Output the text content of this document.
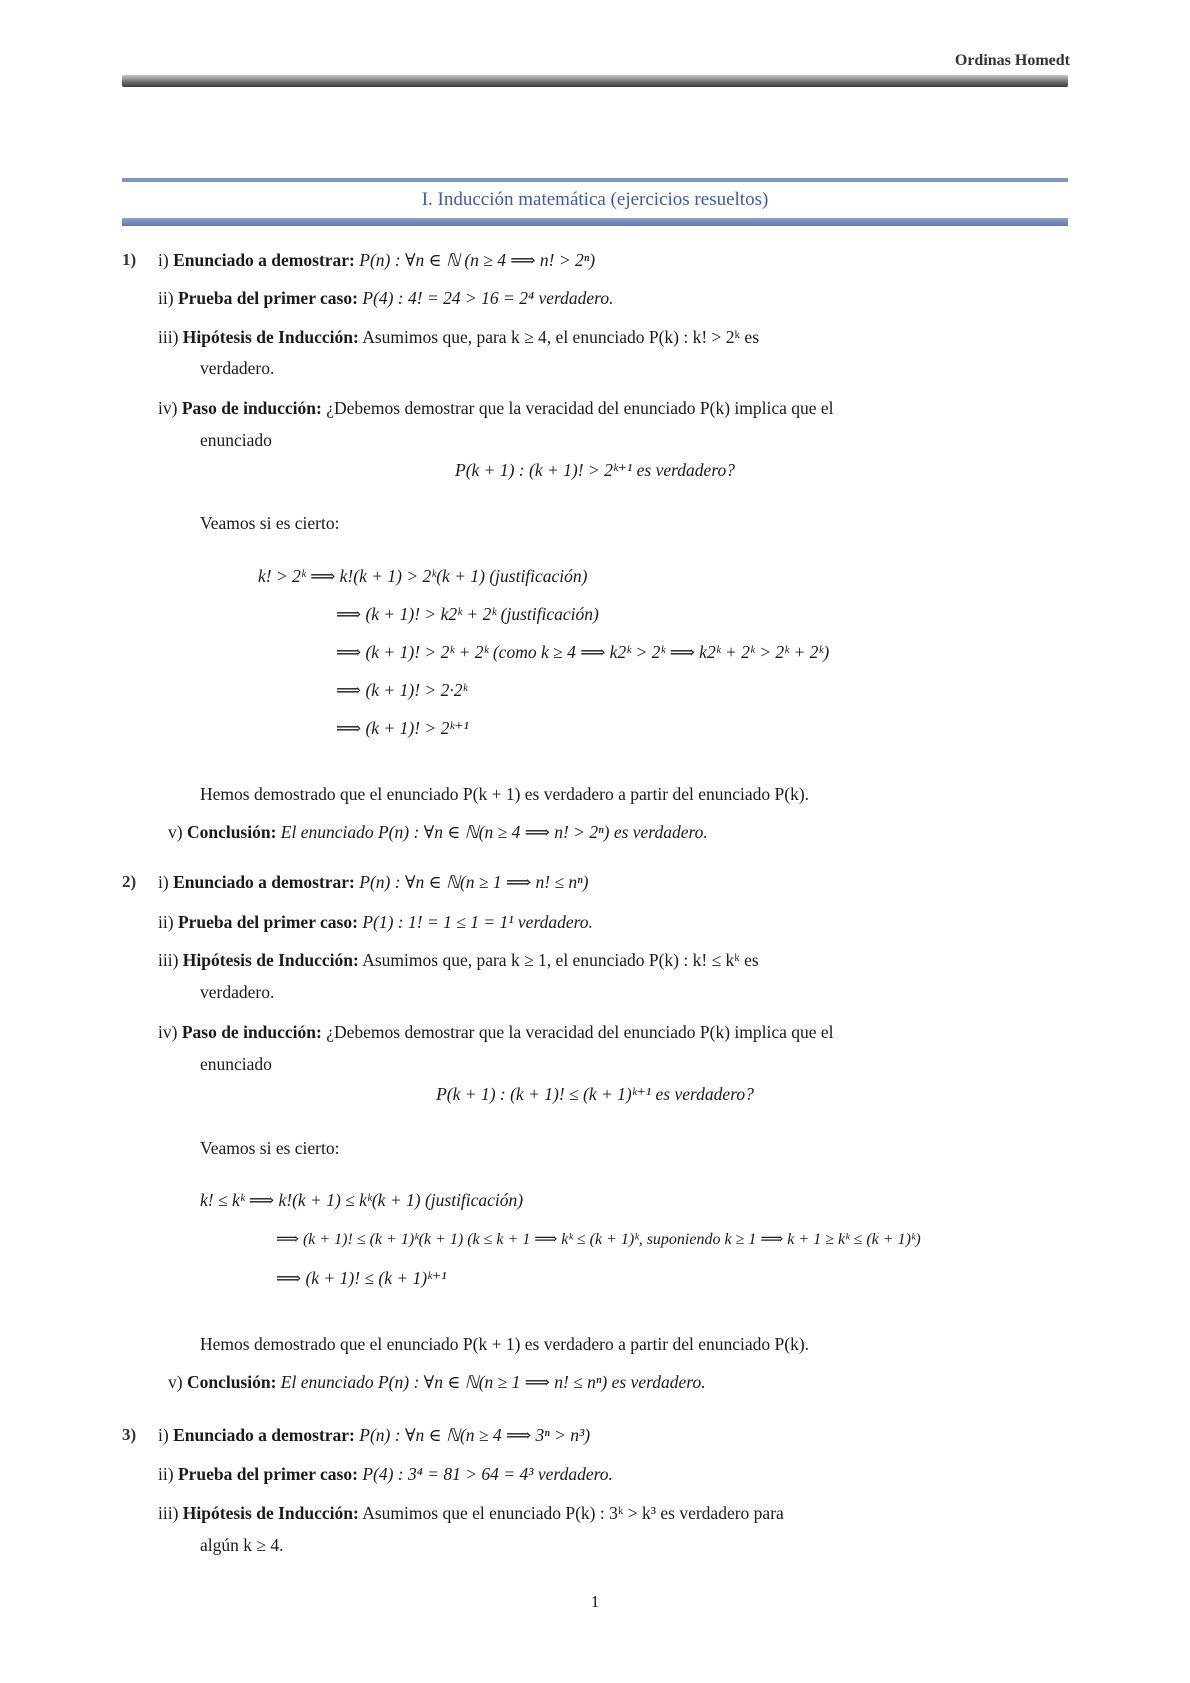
Ordinas Homedt
I. Inducción matemática (ejercicios resueltos)
1) i) Enunciado a demostrar: P(n) : ∀n ∈ ℕ (n ≥ 4 ⟹ n! > 2ⁿ)
ii) Prueba del primer caso: P(4) : 4! = 24 > 16 = 2⁴ verdadero.
iii) Hipótesis de Inducción: Asumimos que, para k ≥ 4, el enunciado P(k) : k! > 2ᵏ es
verdadero.
iv) Paso de inducción: ¿Debemos demostrar que la veracidad del enunciado P(k) implica que el
enunciado
P(k + 1) : (k + 1)! > 2ᵏ⁺¹ es verdadero?
Veamos si es cierto:
k! > 2ᵏ ⟹ k!(k + 1) > 2ᵏ(k + 1) (justificación)
⟹ (k + 1)! > k2ᵏ + 2ᵏ (justificación)
⟹ (k + 1)! > 2ᵏ + 2ᵏ (como k ≥ 4 ⟹ k2ᵏ > 2ᵏ ⟹ k2ᵏ + 2ᵏ > 2ᵏ + 2ᵏ)
⟹ (k + 1)! > 2·2ᵏ
⟹ (k + 1)! > 2ᵏ⁺¹
Hemos demostrado que el enunciado P(k + 1) es verdadero a partir del enunciado P(k).
v) Conclusión: El enunciado P(n) : ∀n ∈ ℕ(n ≥ 4 ⟹ n! > 2ⁿ) es verdadero.
2) i) Enunciado a demostrar: P(n) : ∀n ∈ ℕ(n ≥ 1 ⟹ n! ≤ nⁿ)
ii) Prueba del primer caso: P(1) : 1! = 1 ≤ 1 = 1¹ verdadero.
iii) Hipótesis de Inducción: Asumimos que, para k ≥ 1, el enunciado P(k) : k! ≤ kᵏ es
verdadero.
iv) Paso de inducción: ¿Debemos demostrar que la veracidad del enunciado P(k) implica que el
enunciado
P(k + 1) : (k + 1)! ≤ (k + 1)ᵏ⁺¹ es verdadero?
Veamos si es cierto:
k! ≤ kᵏ ⟹ k!(k + 1) ≤ kᵏ(k + 1) (justificación)
⟹ (k + 1)! ≤ (k + 1)ᵏ(k + 1) (k ≤ k + 1 ⟹ kᵏ ≤ (k + 1)ᵏ, suponiendo k ≥ 1 ⟹ k + 1 ≥ kᵏ ≤ (k + 1)ᵏ)
⟹ (k + 1)! ≤ (k + 1)ᵏ⁺¹
Hemos demostrado que el enunciado P(k + 1) es verdadero a partir del enunciado P(k).
v) Conclusión: El enunciado P(n) : ∀n ∈ ℕ(n ≥ 1 ⟹ n! ≤ nⁿ) es verdadero.
3) i) Enunciado a demostrar: P(n) : ∀n ∈ ℕ(n ≥ 4 ⟹ 3ⁿ > n³)
ii) Prueba del primer caso: P(4) : 3⁴ = 81 > 64 = 4³ verdadero.
iii) Hipótesis de Inducción: Asumimos que el enunciado P(k) : 3ᵏ > k³ es verdadero para
algún k ≥ 4.
1
